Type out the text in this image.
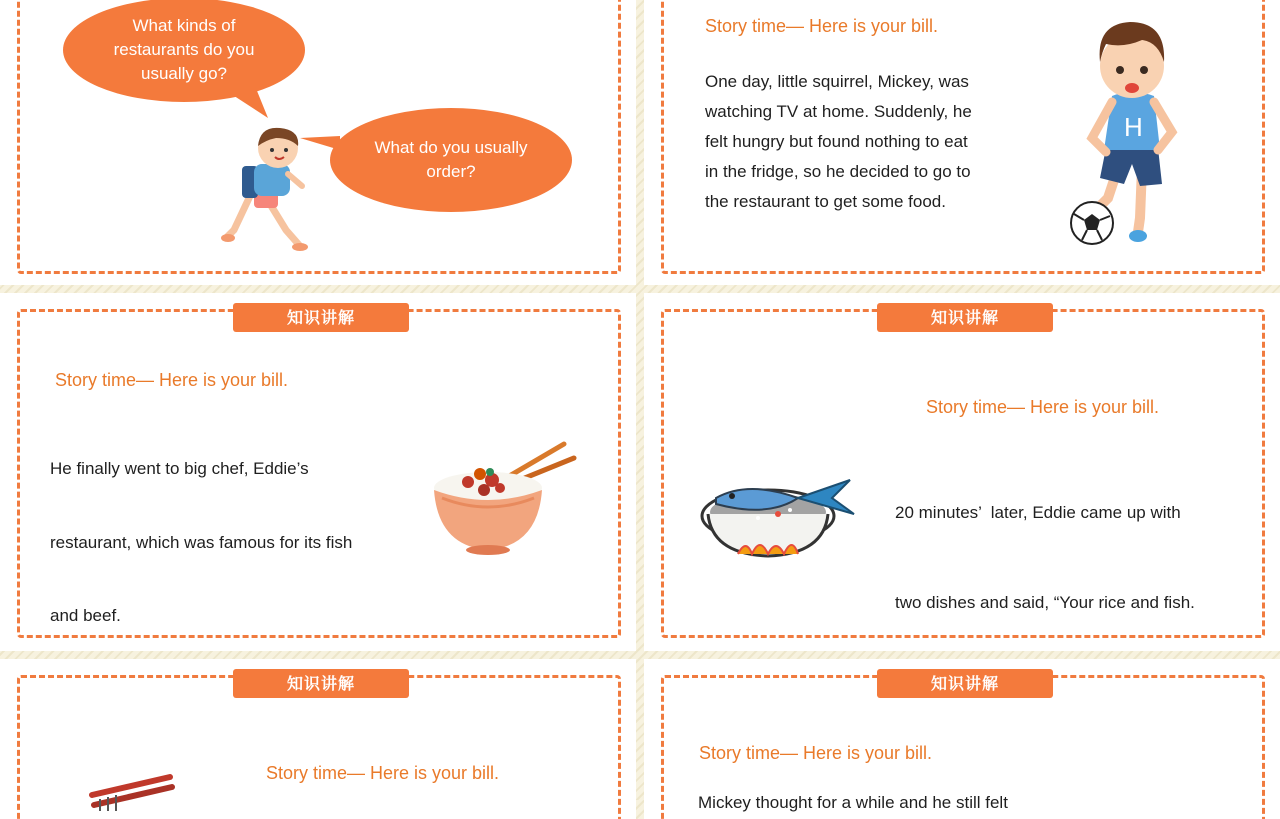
What kinds of restaurants do you usually go?
What do you usually order?
Story time— Here is your bill.

One day, little squirrel, Mickey, was

watching TV at home. Suddenly, he

felt hungry but found nothing to eat

in the fridge, so he decided to go to

the restaurant to get some food.

H
知识讲解
Story time— Here is your bill.

He finally went to big chef, Eddie’s

restaurant, which was famous for its fish

and beef.

知识讲解
Story time— Here is your bill.

20 minutes’  later, Eddie came up with

two dishes and said, “Your rice and fish.

知识讲解
Story time— Here is your bill.
知识讲解
Story time— Here is your bill.
Mickey thought for a while and he still felt
